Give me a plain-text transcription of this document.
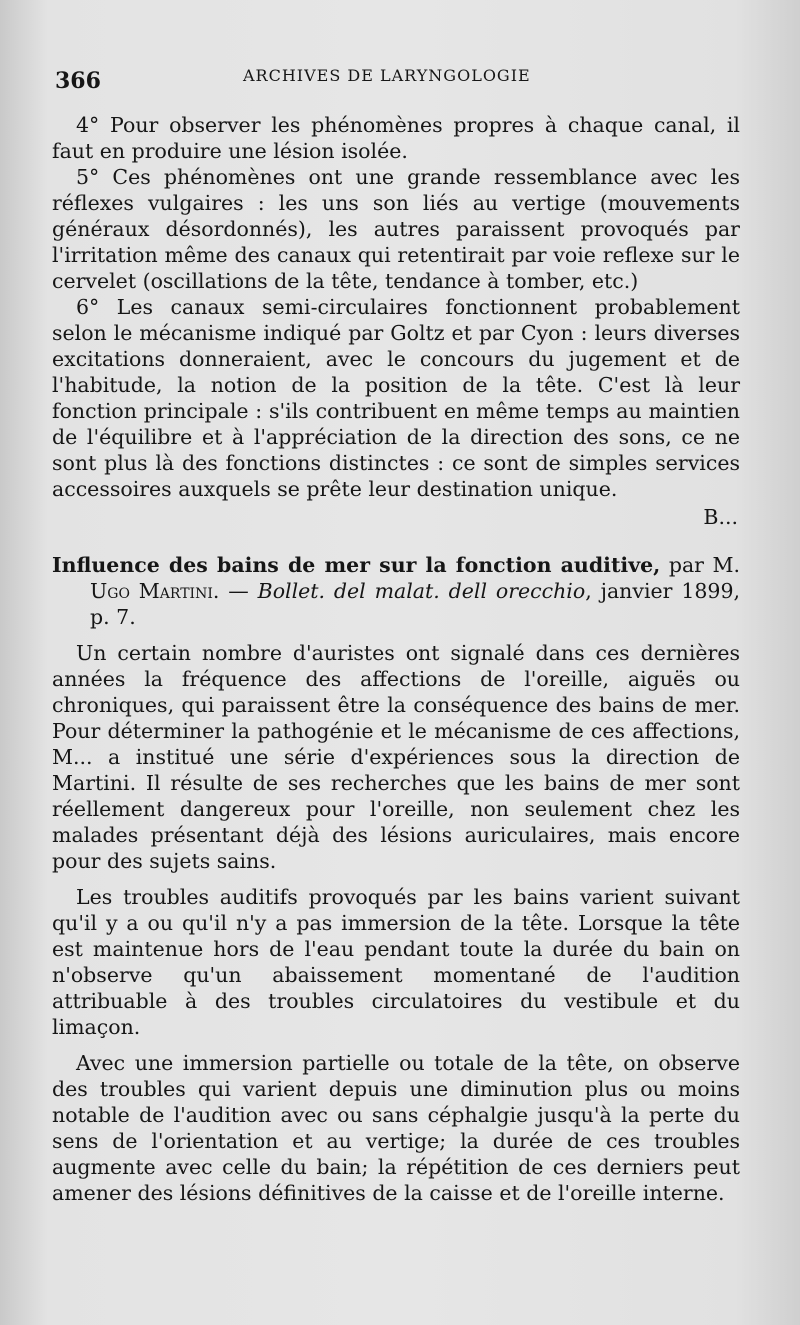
366	ARCHIVES DE LARYNGOLOGIE

4° Pour observer les phénomènes propres à chaque canal, il faut en produire une lésion isolée.

5° Ces phénomènes ont une grande ressemblance avec les réflexes vulgaires : les uns son liés au vertige (mouvements généraux désordonnés), les autres paraissent provoqués par l'irritation même des canaux qui retentirait par voie reflexe sur le cervelet (oscillations de la tête, tendance à tomber, etc.)

6° Les canaux semi-circulaires fonctionnent probablement selon le mécanisme indiqué par Goltz et par Cyon : leurs diverses excitations donneraient, avec le concours du jugement et de l'habitude, la notion de la position de la tête. C'est là leur fonction principale : s'ils contribuent en même temps au maintien de l'équilibre et à l'appréciation de la direction des sons, ce ne sont plus là des fonctions distinctes : ce sont de simples services accessoires auxquels se prête leur destination unique.

B...

Influence des bains de mer sur la fonction auditive, par M. Ugo Martini. — Bollet. del malat. dell orecchio, janvier 1899, p. 7.

Un certain nombre d'auristes ont signalé dans ces dernières années la fréquence des affections de l'oreille, aiguës ou chroniques, qui paraissent être la conséquence des bains de mer. Pour déterminer la pathogénie et le mécanisme de ces affections, M... a institué une série d'expériences sous la direction de Martini. Il résulte de ses recherches que les bains de mer sont réellement dangereux pour l'oreille, non seulement chez les malades présentant déjà des lésions auriculaires, mais encore pour des sujets sains.

Les troubles auditifs provoqués par les bains varient suivant qu'il y a ou qu'il n'y a pas immersion de la tête. Lorsque la tête est maintenue hors de l'eau pendant toute la durée du bain on n'observe qu'un abaissement momentané de l'audition attribuable à des troubles circulatoires du vestibule et du limaçon.

Avec une immersion partielle ou totale de la tête, on observe des troubles qui varient depuis une diminution plus ou moins notable de l'audition avec ou sans céphalgie jusqu'à la perte du sens de l'orientation et au vertige; la durée de ces troubles augmente avec celle du bain; la répétition de ces derniers peut amener des lésions définitives de la caisse et de l'oreille interne.
